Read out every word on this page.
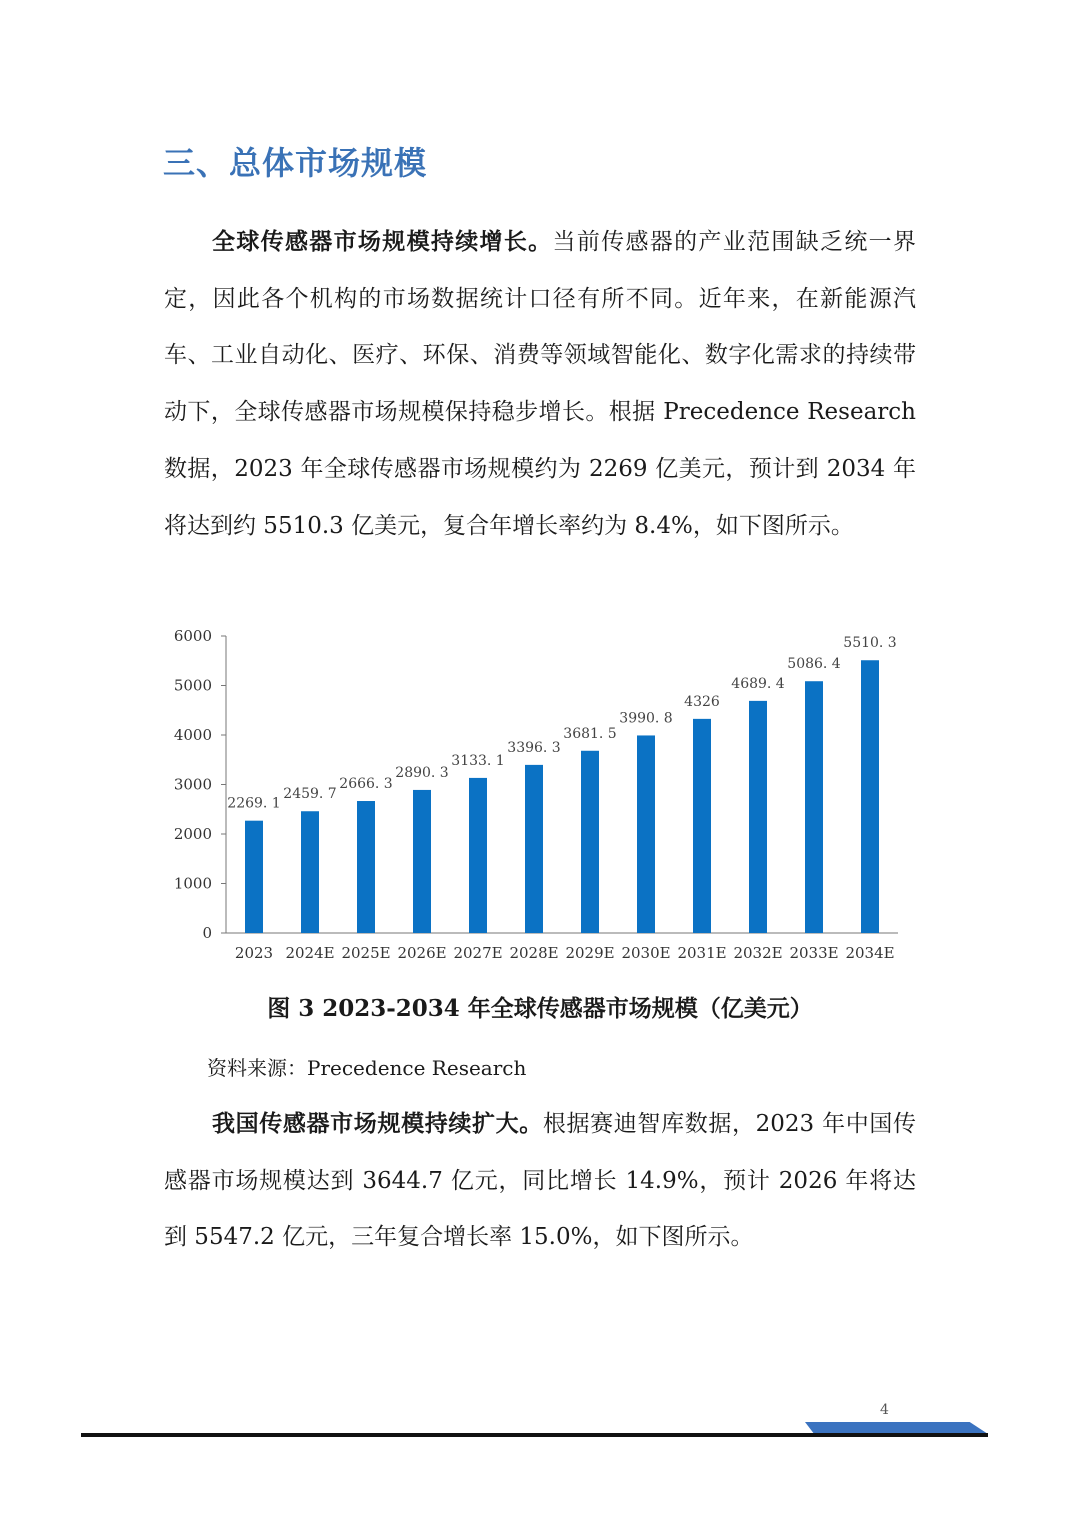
三、总体市场规模

全球传感器市场规模持续增长。当前传感器的产业范围缺乏统一界定，因此各个机构的市场数据统计口径有所不同。近年来，在新能源汽车、工业自动化、医疗、环保、消费等领域智能化、数字化需求的持续带动下，全球传感器市场规模保持稳步增长。根据 Precedence Research 数据，2023 年全球传感器市场规模约为 2269 亿美元，预计到 2034 年将达到约 5510.3 亿美元，复合年增长率约为 8.4%，如下图所示。

0
1000
2000
3000
4000
5000
6000
2269. 1
2023
2459. 7
2024E
2666. 3
2025E
2890. 3
2026E
3133. 1
2027E
3396. 3
2028E
3681. 5
2029E
3990. 8
2030E
4326
2031E
4689. 4
2032E
5086. 4
2033E
5510. 3
2034E
图 3 2023-2034 年全球传感器市场规模（亿美元）
资料来源：Precedence Research

我国传感器市场规模持续扩大。根据赛迪智库数据，2023 年中国传感器市场规模达到 3644.7 亿元，同比增长 14.9%，预计 2026 年将达到 5547.2 亿元，三年复合增长率 15.0%，如下图所示。

4
